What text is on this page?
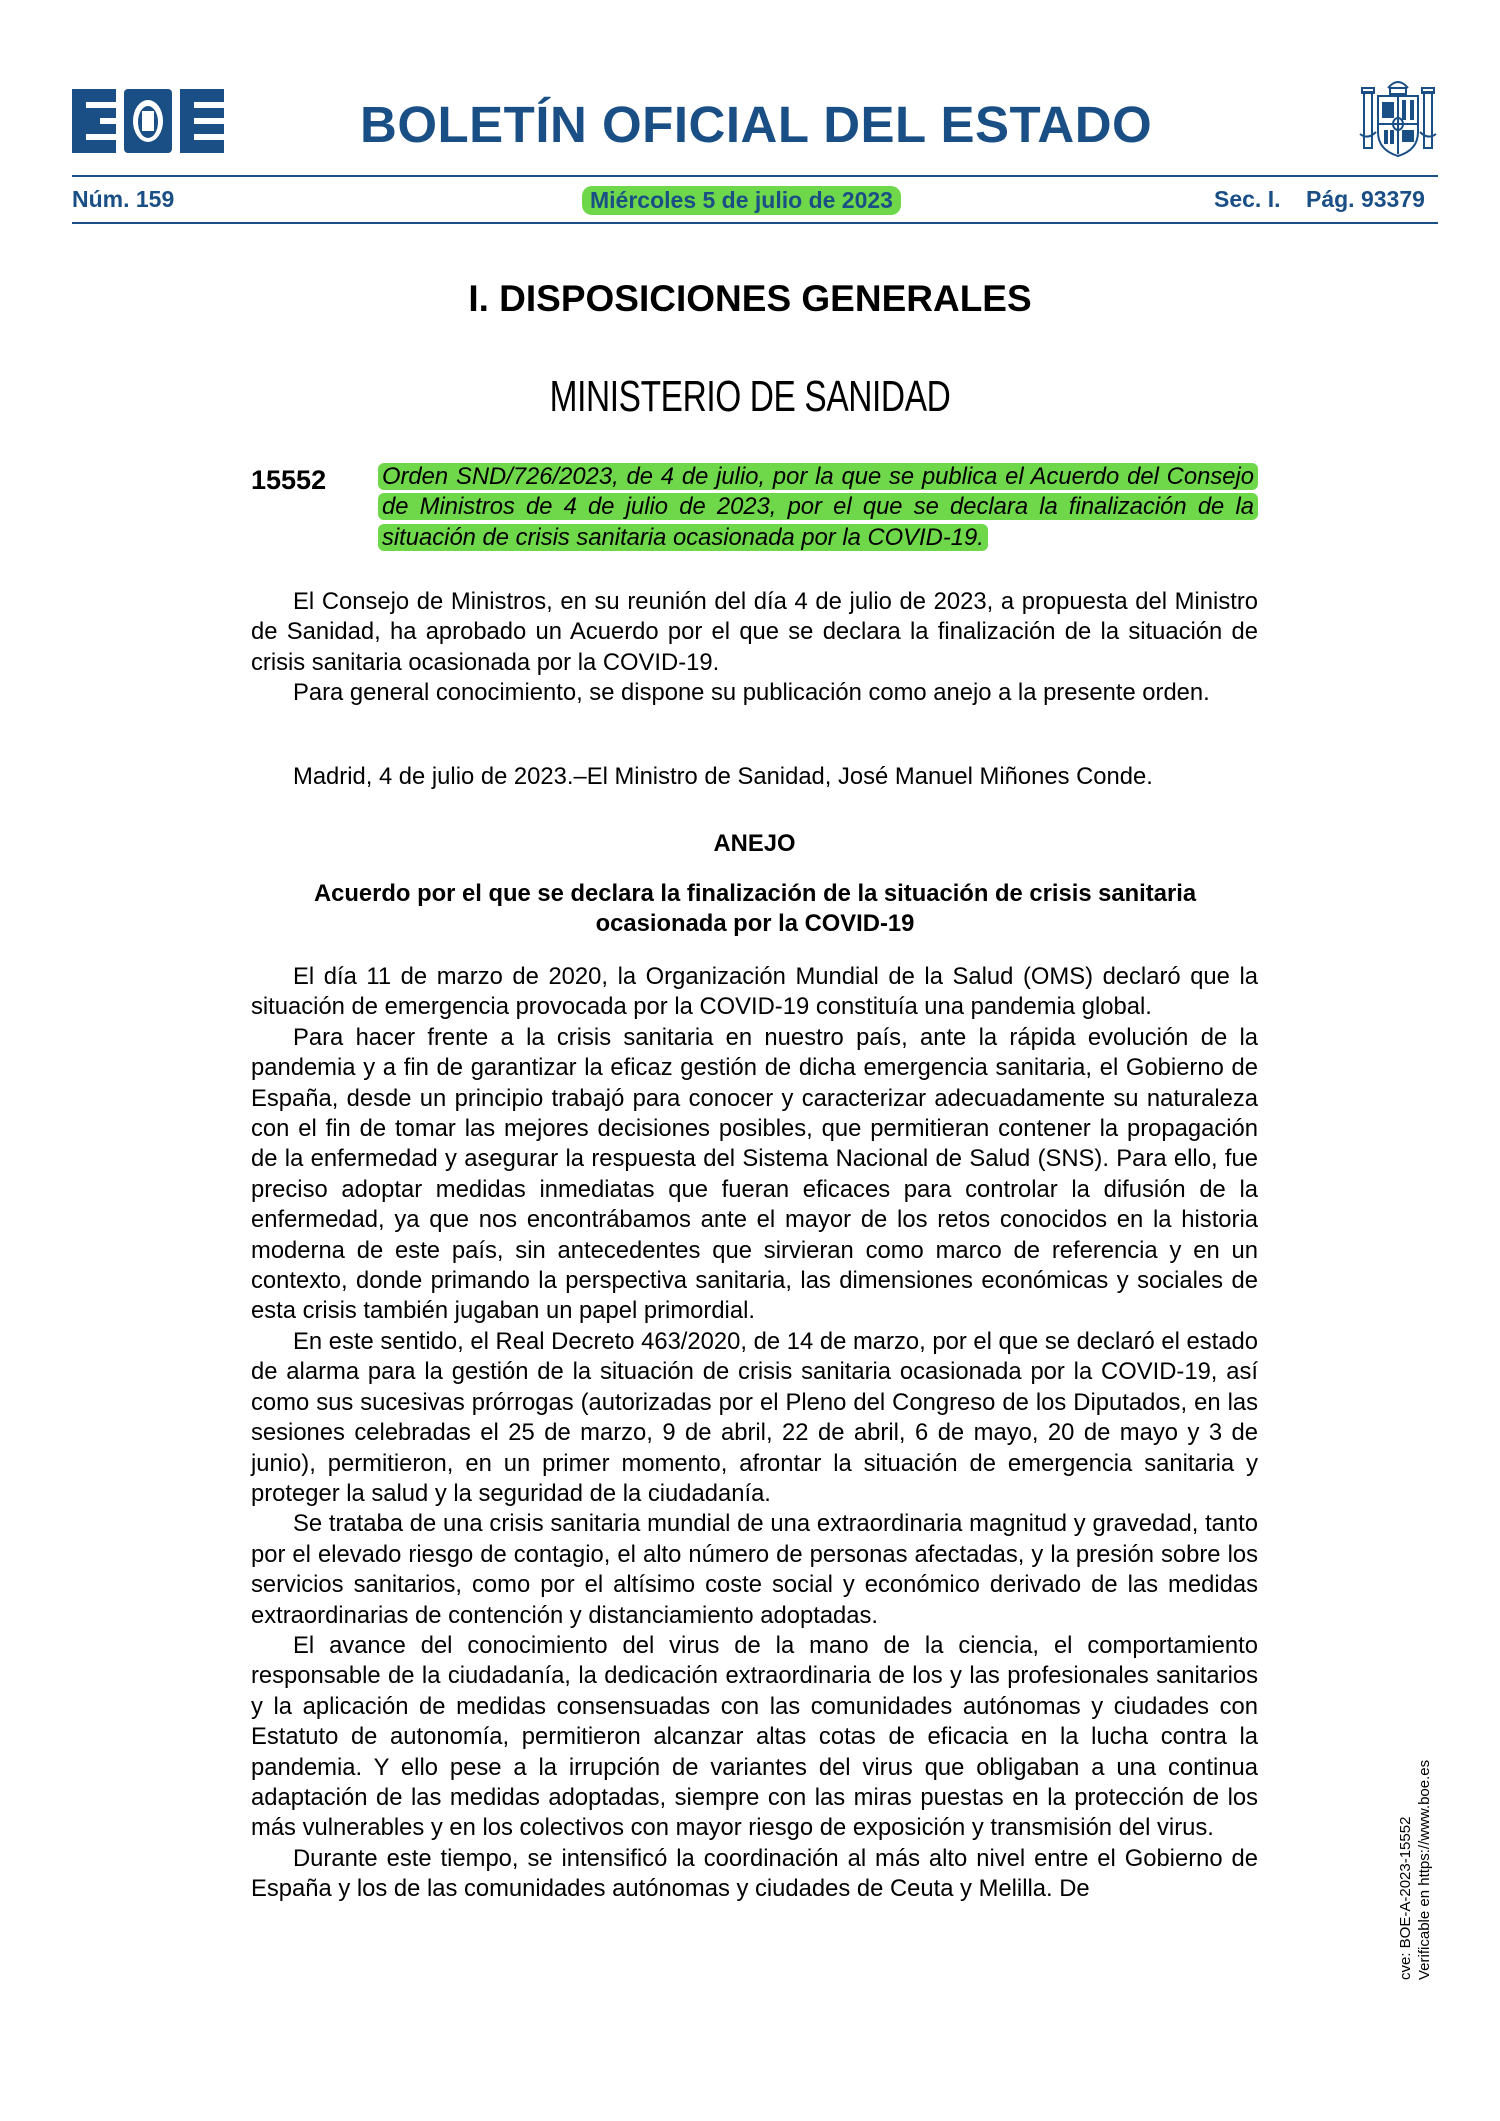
BOLETÍN OFICIAL DEL ESTADO
Núm. 159	Miércoles 5 de julio de 2023	Sec. I. Pág. 93379
I. DISPOSICIONES GENERALES
MINISTERIO DE SANIDAD
15552 Orden SND/726/2023, de 4 de julio, por la que se publica el Acuerdo del Consejo de Ministros de 4 de julio de 2023, por el que se declara la finalización de la situación de crisis sanitaria ocasionada por la COVID-19.

El Consejo de Ministros, en su reunión del día 4 de julio de 2023, a propuesta del Ministro de Sanidad, ha aprobado un Acuerdo por el que se declara la finalización de la situación de crisis sanitaria ocasionada por la COVID-19.

Para general conocimiento, se dispone su publicación como anejo a la presente orden.

Madrid, 4 de julio de 2023.–El Ministro de Sanidad, José Manuel Miñones Conde.

ANEJO
Acuerdo por el que se declara la finalización de la situación de crisis sanitaria ocasionada por la COVID-19

El día 11 de marzo de 2020, la Organización Mundial de la Salud (OMS) declaró que la situación de emergencia provocada por la COVID-19 constituía una pandemia global.

Para hacer frente a la crisis sanitaria en nuestro país, ante la rápida evolución de la pandemia y a fin de garantizar la eficaz gestión de dicha emergencia sanitaria, el Gobierno de España, desde un principio trabajó para conocer y caracterizar adecuadamente su naturaleza con el fin de tomar las mejores decisiones posibles, que permitieran contener la propagación de la enfermedad y asegurar la respuesta del Sistema Nacional de Salud (SNS). Para ello, fue preciso adoptar medidas inmediatas que fueran eficaces para controlar la difusión de la enfermedad, ya que nos encontrábamos ante el mayor de los retos conocidos en la historia moderna de este país, sin antecedentes que sirvieran como marco de referencia y en un contexto, donde primando la perspectiva sanitaria, las dimensiones económicas y sociales de esta crisis también jugaban un papel primordial.

En este sentido, el Real Decreto 463/2020, de 14 de marzo, por el que se declaró el estado de alarma para la gestión de la situación de crisis sanitaria ocasionada por la COVID-19, así como sus sucesivas prórrogas (autorizadas por el Pleno del Congreso de los Diputados, en las sesiones celebradas el 25 de marzo, 9 de abril, 22 de abril, 6 de mayo, 20 de mayo y 3 de junio), permitieron, en un primer momento, afrontar la situación de emergencia sanitaria y proteger la salud y la seguridad de la ciudadanía.

Se trataba de una crisis sanitaria mundial de una extraordinaria magnitud y gravedad, tanto por el elevado riesgo de contagio, el alto número de personas afectadas, y la presión sobre los servicios sanitarios, como por el altísimo coste social y económico derivado de las medidas extraordinarias de contención y distanciamiento adoptadas.

El avance del conocimiento del virus de la mano de la ciencia, el comportamiento responsable de la ciudadanía, la dedicación extraordinaria de los y las profesionales sanitarios y la aplicación de medidas consensuadas con las comunidades autónomas y ciudades con Estatuto de autonomía, permitieron alcanzar altas cotas de eficacia en la lucha contra la pandemia. Y ello pese a la irrupción de variantes del virus que obligaban a una continua adaptación de las medidas adoptadas, siempre con las miras puestas en la protección de los más vulnerables y en los colectivos con mayor riesgo de exposición y transmisión del virus.

Durante este tiempo, se intensificó la coordinación al más alto nivel entre el Gobierno de España y los de las comunidades autónomas y ciudades de Ceuta y Melilla. De	cve: BOE-A-2023-15552 Verificable en https://www.boe.es
